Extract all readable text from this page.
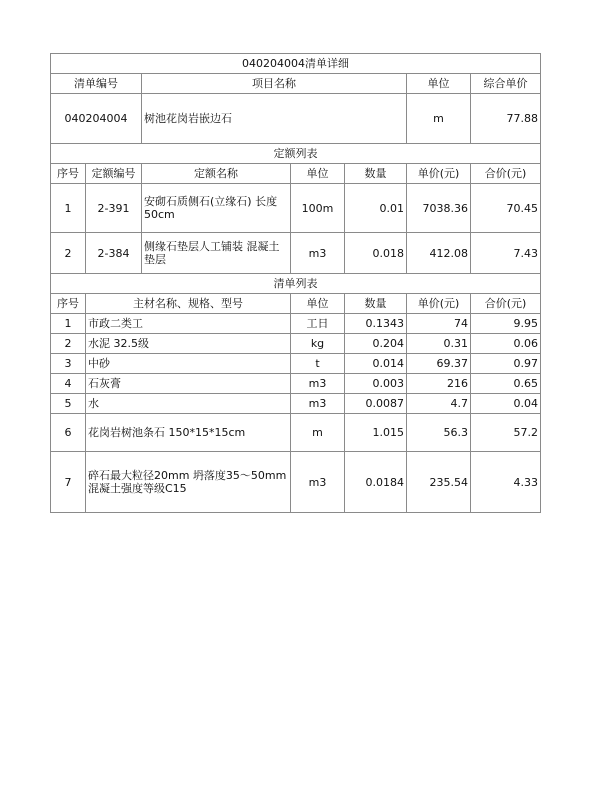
040204004清单详细						
清单编号		项目名称			单位	综合单价
040204004		树池花岗岩嵌边石			m	77.88
定额列表						
序号	定额编号	定额名称	单位	数量	单价(元)	合价(元)
1	2-391	安砌石质侧石(立缘石) 长度50cm	100m	0.01	7038.36	70.45
2	2-384	侧缘石垫层人工铺装 混凝土垫层	m3	0.018	412.08	7.43
清单列表						
序号	主材名称、规格、型号		单位	数量	单价(元)	合价(元)
1	市政二类工		工日	0.1343	74	9.95
2	水泥 32.5级		kg	0.204	0.31	0.06
3	中砂		t	0.014	69.37	0.97
4	石灰膏		m3	0.003	216	0.65
5	水		m3	0.0087	4.7	0.04
6	花岗岩树池条石 150*15*15cm		m	1.015	56.3	57.2
7	碎石最大粒径20mm 坍落度35～50mm混凝土强度等级C15		m3	0.0184	235.54	4.33
